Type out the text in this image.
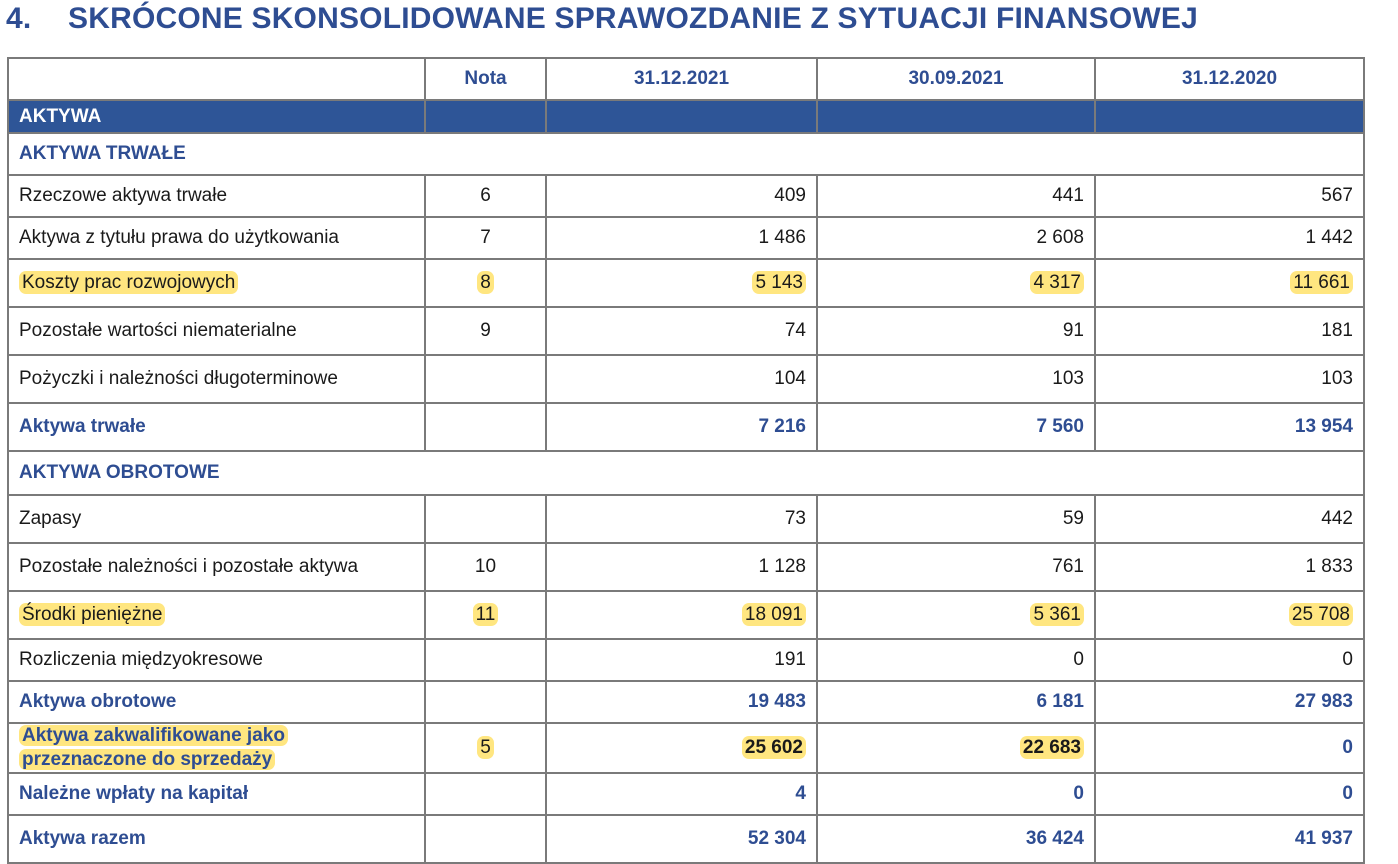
4.	SKRÓCONE SKONSOLIDOWANE SPRAWOZDANIE Z SYTUACJI FINANSOWEJ
	Nota	31.12.2021	30.09.2021	31.12.2020
AKTYWA				
AKTYWA TRWAŁE				
Rzeczowe aktywa trwałe	6	409	441	567
Aktywa z tytułu prawa do użytkowania	7	1 486	2 608	1 442
Koszty prac rozwojowych	8	5 143	4 317	11 661
Pozostałe wartości niematerialne	9	74	91	181
Pożyczki i należności długoterminowe		104	103	103
Aktywa trwałe		7 216	7 560	13 954
AKTYWA OBROTOWE				
Zapasy		73	59	442
Pozostałe należności i pozostałe aktywa	10	1 128	761	1 833
Środki pieniężne	11	18 091	5 361	25 708
Rozliczenia międzyokresowe		191	0	0
Aktywa obrotowe		19 483	6 181	27 983
Aktywa zakwalifikowane jako przeznaczone do sprzedaży	5	25 602	22 683	0
Należne wpłaty na kapitał		4	0	0
Aktywa razem		52 304	36 424	41 937
